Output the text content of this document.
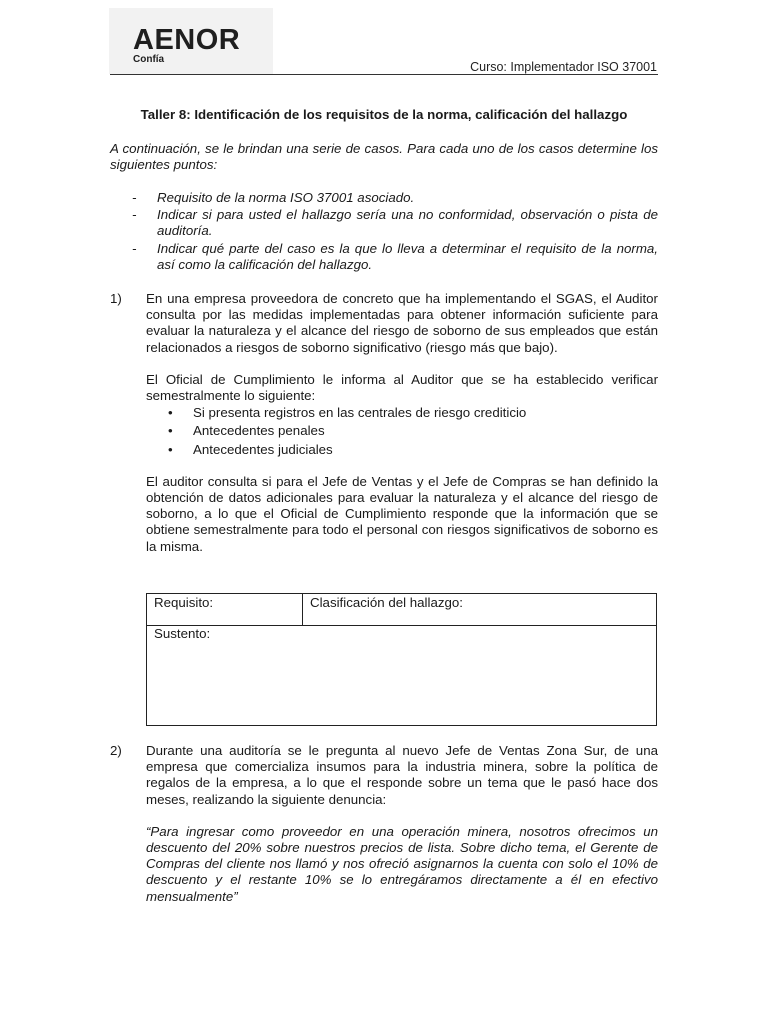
AENOR
Confía
Curso: Implementador ISO 37001
Taller 8: Identificación de los requisitos de la norma, calificación del hallazgo
A continuación, se le brindan una serie de casos. Para cada uno de los casos determine los siguientes puntos:
- Requisito de la norma ISO 37001 asociado.
- Indicar si para usted el hallazgo sería una no conformidad, observación o pista de auditoría.
- Indicar qué parte del caso es la que lo lleva a determinar el requisito de la norma, así como la calificación del hallazgo.
1) En una empresa proveedora de concreto que ha implementando el SGAS, el Auditor consulta por las medidas implementadas para obtener información suficiente para evaluar la naturaleza y el alcance del riesgo de soborno de sus empleados que están relacionados a riesgos de soborno significativo (riesgo más que bajo).

El Oficial de Cumplimiento le informa al Auditor que se ha establecido verificar semestralmente lo siguiente:

• Si presenta registros en las centrales de riesgo crediticio
• Antecedentes penales
• Antecedentes judiciales

El auditor consulta si para el Jefe de Ventas y el Jefe de Compras se han definido la obtención de datos adicionales para evaluar la naturaleza y el alcance del riesgo de soborno, a lo que el Oficial de Cumplimiento responde que la información que se obtiene semestralmente para todo el personal con riesgos significativos de soborno es la misma.

Requisito:	Clasificación del hallazgo:
Sustento:
2) Durante una auditoría se le pregunta al nuevo Jefe de Ventas Zona Sur, de una empresa que comercializa insumos para la industria minera, sobre la política de regalos de la empresa, a lo que el responde sobre un tema que le pasó hace dos meses, realizando la siguiente denuncia:

“Para ingresar como proveedor en una operación minera, nosotros ofrecimos un descuento del 20% sobre nuestros precios de lista. Sobre dicho tema, el Gerente de Compras del cliente nos llamó y nos ofreció asignarnos la cuenta con solo el 10% de descuento y el restante 10% se lo entregáramos directamente a él en efectivo mensualmente”
